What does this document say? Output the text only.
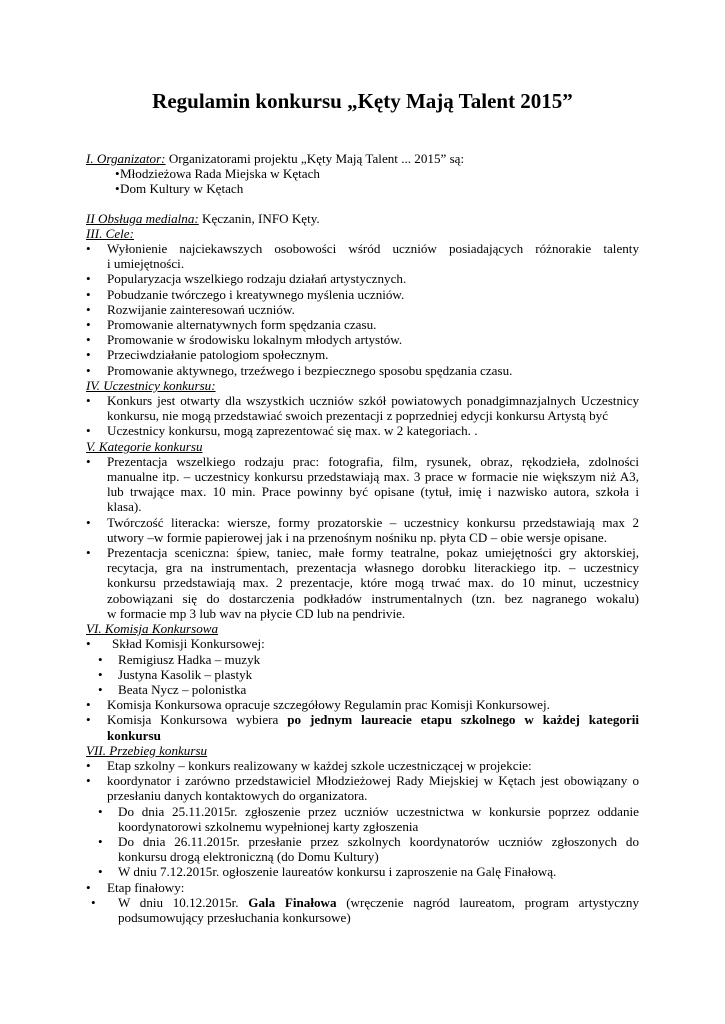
Regulamin konkursu „Kęty Mają Talent 2015”
I. Organizator: Organizatorami projektu „Kęty Mają Talent ... 2015” są:
• Młodzieżowa Rada Miejska w Kętach
• Dom Kultury w Kętach
II Obsługa medialna: Kęczanin, INFO Kęty.
III. Cele:
• Wyłonienie najciekawszych osobowości wśród uczniów posiadających różnorakie talenty
i umiejętności.
• Popularyzacja wszelkiego rodzaju działań artystycznych.
• Pobudzanie twórczego i kreatywnego myślenia uczniów.
• Rozwijanie zainteresowań uczniów.
• Promowanie alternatywnych form spędzania czasu.
• Promowanie w środowisku lokalnym młodych artystów.
• Przeciwdziałanie patologiom społecznym.
• Promowanie aktywnego, trzeźwego i bezpiecznego sposobu spędzania czasu.
IV. Uczestnicy konkursu:
• Konkurs jest otwarty dla wszystkich uczniów szkół powiatowych ponadgimnazjalnych Uczestnicy
konkursu, nie mogą przedstawiać swoich prezentacji z poprzedniej edycji konkursu Artystą być
• Uczestnicy konkursu, mogą zaprezentować się max. w 2 kategoriach. .
V. Kategorie konkursu
• Prezentacja wszelkiego rodzaju prac: fotografia, film, rysunek, obraz, rękodzieła, zdolności
manualne itp. – uczestnicy konkursu przedstawiają max. 3 prace w formacie nie większym niż A3,
lub trwające max. 10 min. Prace powinny być opisane (tytuł, imię i nazwisko autora, szkoła i
klasa).
• Twórczość literacka: wiersze, formy prozatorskie – uczestnicy konkursu przedstawiają max 2
utwory –w formie papierowej jak i na przenośnym nośniku np. płyta CD – obie wersje opisane.
• Prezentacja sceniczna: śpiew, taniec, małe formy teatralne, pokaz umiejętności gry aktorskiej,
recytacja, gra na instrumentach, prezentacja własnego dorobku literackiego itp. – uczestnicy
konkursu przedstawiają max. 2 prezentacje, które mogą trwać max. do 10 minut, uczestnicy
zobowiązani się do dostarczenia podkładów instrumentalnych (tzn. bez nagranego wokalu)
w formacie mp 3 lub wav na płycie CD lub na pendrivie.
VI. Komisja Konkursowa
• Skład Komisji Konkursowej:
• Remigiusz Hadka – muzyk
• Justyna Kasolik – plastyk
• Beata Nycz – polonistka
• Komisja Konkursowa opracuje szczegółowy Regulamin prac Komisji Konkursowej.
• Komisja Konkursowa wybiera po jednym laureacie etapu szkolnego w każdej kategorii
konkursu
VII. Przebieg konkursu
• Etap szkolny – konkurs realizowany w każdej szkole uczestniczącej w projekcie:
• koordynator i zarówno przedstawiciel Młodzieżowej Rady Miejskiej w Kętach jest obowiązany o
przesłaniu danych kontaktowych do organizatora.
• Do dnia 25.11.2015r. zgłoszenie przez uczniów uczestnictwa w konkursie poprzez oddanie
koordynatorowi szkolnemu wypełnionej karty zgłoszenia
• Do dnia 26.11.2015r. przesłanie przez szkolnych koordynatorów uczniów zgłoszonych do
konkursu drogą elektroniczną (do Domu Kultury)
• W dniu 7.12.2015r. ogłoszenie laureatów konkursu i zaproszenie na Galę Finałową.
• Etap finałowy:
• W dniu 10.12.2015r. Gala Finałowa (wręczenie nagród laureatom, program artystyczny
podsumowujący przesłuchania konkursowe)
